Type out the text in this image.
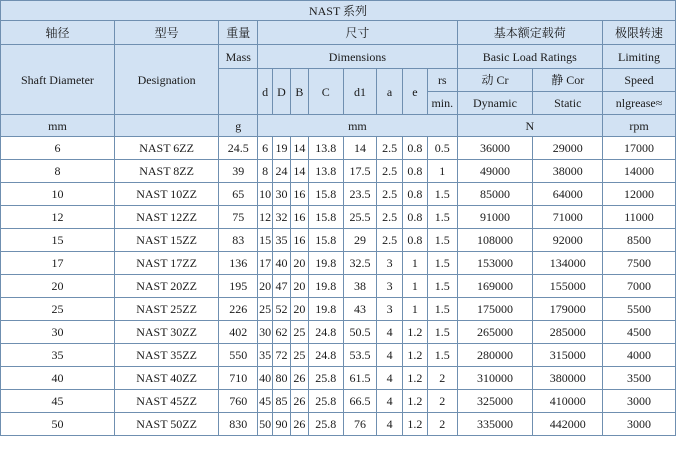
NAST 系列													
轴径	型号	重量	尺寸								基本额定载荷		极限转速
Shaft Diameter	Designation	Mass	Dimensions								Basic Load Ratings		Limiting
			d	D	B	C	d1	a	e	rs	动 Cr	静 Cor	Speed
										min.	Dynamic	Static	nlgrease≈
mm		g	mm								N		rpm
6	NAST 6ZZ	24.5	6	19	14	13.8	14	2.5	0.8	0.5	36000	29000	17000
8	NAST 8ZZ	39	8	24	14	13.8	17.5	2.5	0.8	1	49000	38000	14000
10	NAST 10ZZ	65	10	30	16	15.8	23.5	2.5	0.8	1.5	85000	64000	12000
12	NAST 12ZZ	75	12	32	16	15.8	25.5	2.5	0.8	1.5	91000	71000	11000
15	NAST 15ZZ	83	15	35	16	15.8	29	2.5	0.8	1.5	108000	92000	8500
17	NAST 17ZZ	136	17	40	20	19.8	32.5	3	1	1.5	153000	134000	7500
20	NAST 20ZZ	195	20	47	20	19.8	38	3	1	1.5	169000	155000	7000
25	NAST 25ZZ	226	25	52	20	19.8	43	3	1	1.5	175000	179000	5500
30	NAST 30ZZ	402	30	62	25	24.8	50.5	4	1.2	1.5	265000	285000	4500
35	NAST 35ZZ	550	35	72	25	24.8	53.5	4	1.2	1.5	280000	315000	4000
40	NAST 40ZZ	710	40	80	26	25.8	61.5	4	1.2	2	310000	380000	3500
45	NAST 45ZZ	760	45	85	26	25.8	66.5	4	1.2	2	325000	410000	3000
50	NAST 50ZZ	830	50	90	26	25.8	76	4	1.2	2	335000	442000	3000
